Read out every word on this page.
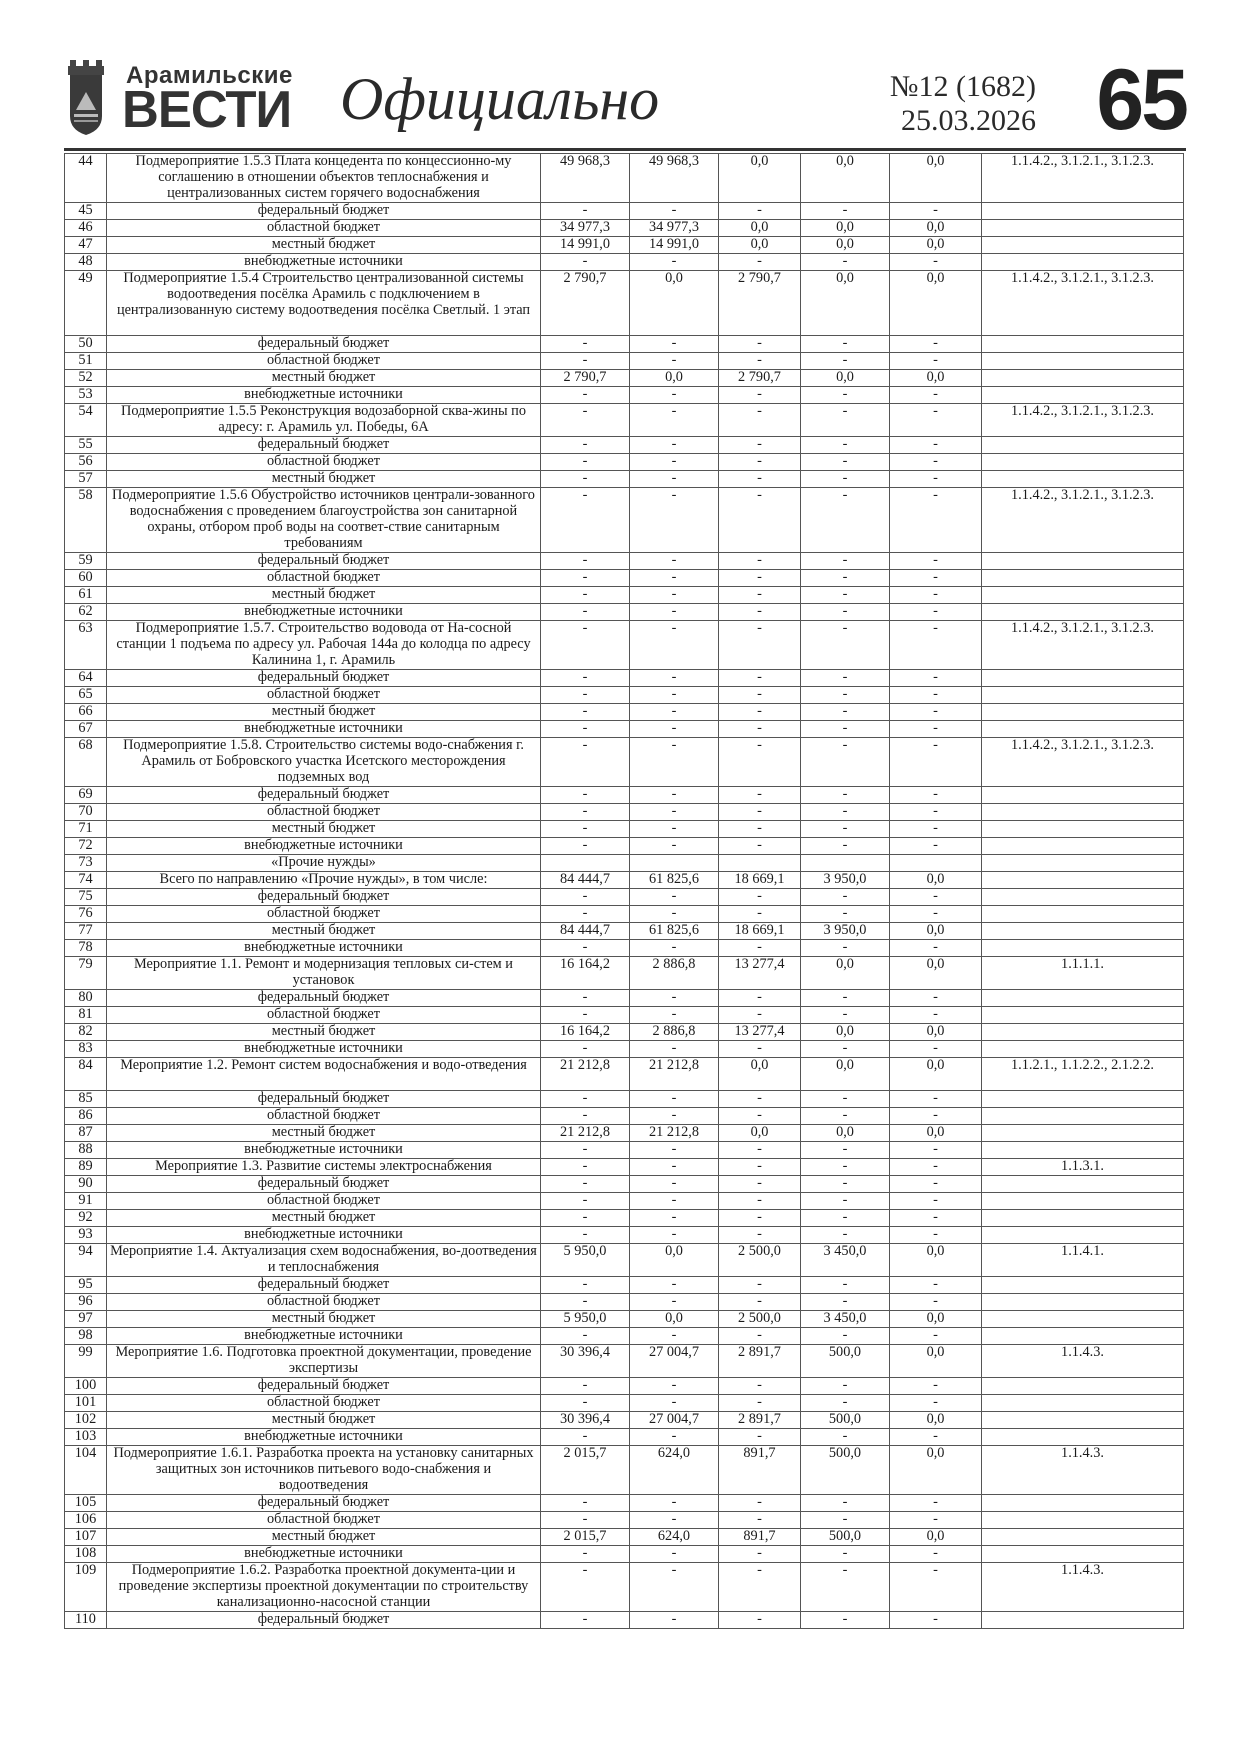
Арамильские
ВЕСТИ Официально	№12 (1682)
25.03.2026 65
44	Подмероприятие 1.5.3 Плата концедента по концессионно-му соглашению в отношении объектов теплоснабжения и централизованных систем горячего водоснабжения	49 968,3	49 968,3	0,0	0,0	0,0	1.1.4.2., 3.1.2.1., 3.1.2.3.
45	федеральный бюджет	-	-	-	-	-	
46	областной бюджет	34 977,3	34 977,3	0,0	0,0	0,0	
47	местный бюджет	14 991,0	14 991,0	0,0	0,0	0,0	
48	внебюджетные источники	-	-	-	-	-	
49	Подмероприятие 1.5.4 Строительство централизованной системы водоотведения посёлка Арамиль с подключением в централизованную систему водоотведения посёлка Светлый. 1 этап	2 790,7	0,0	2 790,7	0,0	0,0	1.1.4.2., 3.1.2.1., 3.1.2.3.
50	федеральный бюджет	-	-	-	-	-	
51	областной бюджет	-	-	-	-	-	
52	местный бюджет	2 790,7	0,0	2 790,7	0,0	0,0	
53	внебюджетные источники	-	-	-	-	-	
54	Подмероприятие 1.5.5 Реконструкция водозаборной сква-жины по адресу: г. Арамиль ул. Победы, 6А	-	-	-	-	-	1.1.4.2., 3.1.2.1., 3.1.2.3.
55	федеральный бюджет	-	-	-	-	-	
56	областной бюджет	-	-	-	-	-	
57	местный бюджет	-	-	-	-	-	
58	Подмероприятие 1.5.6 Обустройство источников централи-зованного водоснабжения с проведением благоустройства зон санитарной охраны, отбором проб воды на соответ-ствие санитарным требованиям	-	-	-	-	-	1.1.4.2., 3.1.2.1., 3.1.2.3.
59	федеральный бюджет	-	-	-	-	-	
60	областной бюджет	-	-	-	-	-	
61	местный бюджет	-	-	-	-	-	
62	внебюджетные источники	-	-	-	-	-	
63	Подмероприятие 1.5.7. Строительство водовода от На-сосной станции 1 подъема по адресу ул. Рабочая 144а до колодца по адресу Калинина 1, г. Арамиль	-	-	-	-	-	1.1.4.2., 3.1.2.1., 3.1.2.3.
64	федеральный бюджет	-	-	-	-	-	
65	областной бюджет	-	-	-	-	-	
66	местный бюджет	-	-	-	-	-	
67	внебюджетные источники	-	-	-	-	-	
68	Подмероприятие 1.5.8. Строительство системы водо-снабжения г. Арамиль от Бобровского участка Исетского месторождения подземных вод	-	-	-	-	-	1.1.4.2., 3.1.2.1., 3.1.2.3.
69	федеральный бюджет	-	-	-	-	-	
70	областной бюджет	-	-	-	-	-	
71	местный бюджет	-	-	-	-	-	
72	внебюджетные источники	-	-	-	-	-	
73	«Прочие нужды»						
74	Всего по направлению «Прочие нужды», в том числе:	84 444,7	61 825,6	18 669,1	3 950,0	0,0	
75	федеральный бюджет	-	-	-	-	-	
76	областной бюджет	-	-	-	-	-	
77	местный бюджет	84 444,7	61 825,6	18 669,1	3 950,0	0,0	
78	внебюджетные источники	-	-	-	-	-	
79	Мероприятие 1.1. Ремонт и модернизация тепловых си-стем и установок	16 164,2	2 886,8	13 277,4	0,0	0,0	1.1.1.1.
80	федеральный бюджет	-	-	-	-	-	
81	областной бюджет	-	-	-	-	-	
82	местный бюджет	16 164,2	2 886,8	13 277,4	0,0	0,0	
83	внебюджетные источники	-	-	-	-	-	
84	Мероприятие 1.2. Ремонт систем водоснабжения и водо-отведения	21 212,8	21 212,8	0,0	0,0	0,0	1.1.2.1., 1.1.2.2., 2.1.2.2.
85	федеральный бюджет	-	-	-	-	-	
86	областной бюджет	-	-	-	-	-	
87	местный бюджет	21 212,8	21 212,8	0,0	0,0	0,0	
88	внебюджетные источники	-	-	-	-	-	
89	Мероприятие 1.3. Развитие системы электроснабжения	-	-	-	-	-	1.1.3.1.
90	федеральный бюджет	-	-	-	-	-	
91	областной бюджет	-	-	-	-	-	
92	местный бюджет	-	-	-	-	-	
93	внебюджетные источники	-	-	-	-	-	
94	Мероприятие 1.4. Актуализация схем водоснабжения, во-доотведения и теплоснабжения	5 950,0	0,0	2 500,0	3 450,0	0,0	1.1.4.1.
95	федеральный бюджет	-	-	-	-	-	
96	областной бюджет	-	-	-	-	-	
97	местный бюджет	5 950,0	0,0	2 500,0	3 450,0	0,0	
98	внебюджетные источники	-	-	-	-	-	
99	Мероприятие 1.6. Подготовка проектной документации, проведение экспертизы	30 396,4	27 004,7	2 891,7	500,0	0,0	1.1.4.3.
100	федеральный бюджет	-	-	-	-	-	
101	областной бюджет	-	-	-	-	-	
102	местный бюджет	30 396,4	27 004,7	2 891,7	500,0	0,0	
103	внебюджетные источники	-	-	-	-	-	
104	Подмероприятие 1.6.1. Разработка проекта на установку санитарных защитных зон источников питьевого водо-снабжения и водоотведения	2 015,7	624,0	891,7	500,0	0,0	1.1.4.3.
105	федеральный бюджет	-	-	-	-	-	
106	областной бюджет	-	-	-	-	-	
107	местный бюджет	2 015,7	624,0	891,7	500,0	0,0	
108	внебюджетные источники	-	-	-	-	-	
109	Подмероприятие 1.6.2. Разработка проектной документа-ции и проведение экспертизы проектной документации по строительству канализационно-насосной станции	-	-	-	-	-	1.1.4.3.
110	федеральный бюджет	-	-	-	-	-	
